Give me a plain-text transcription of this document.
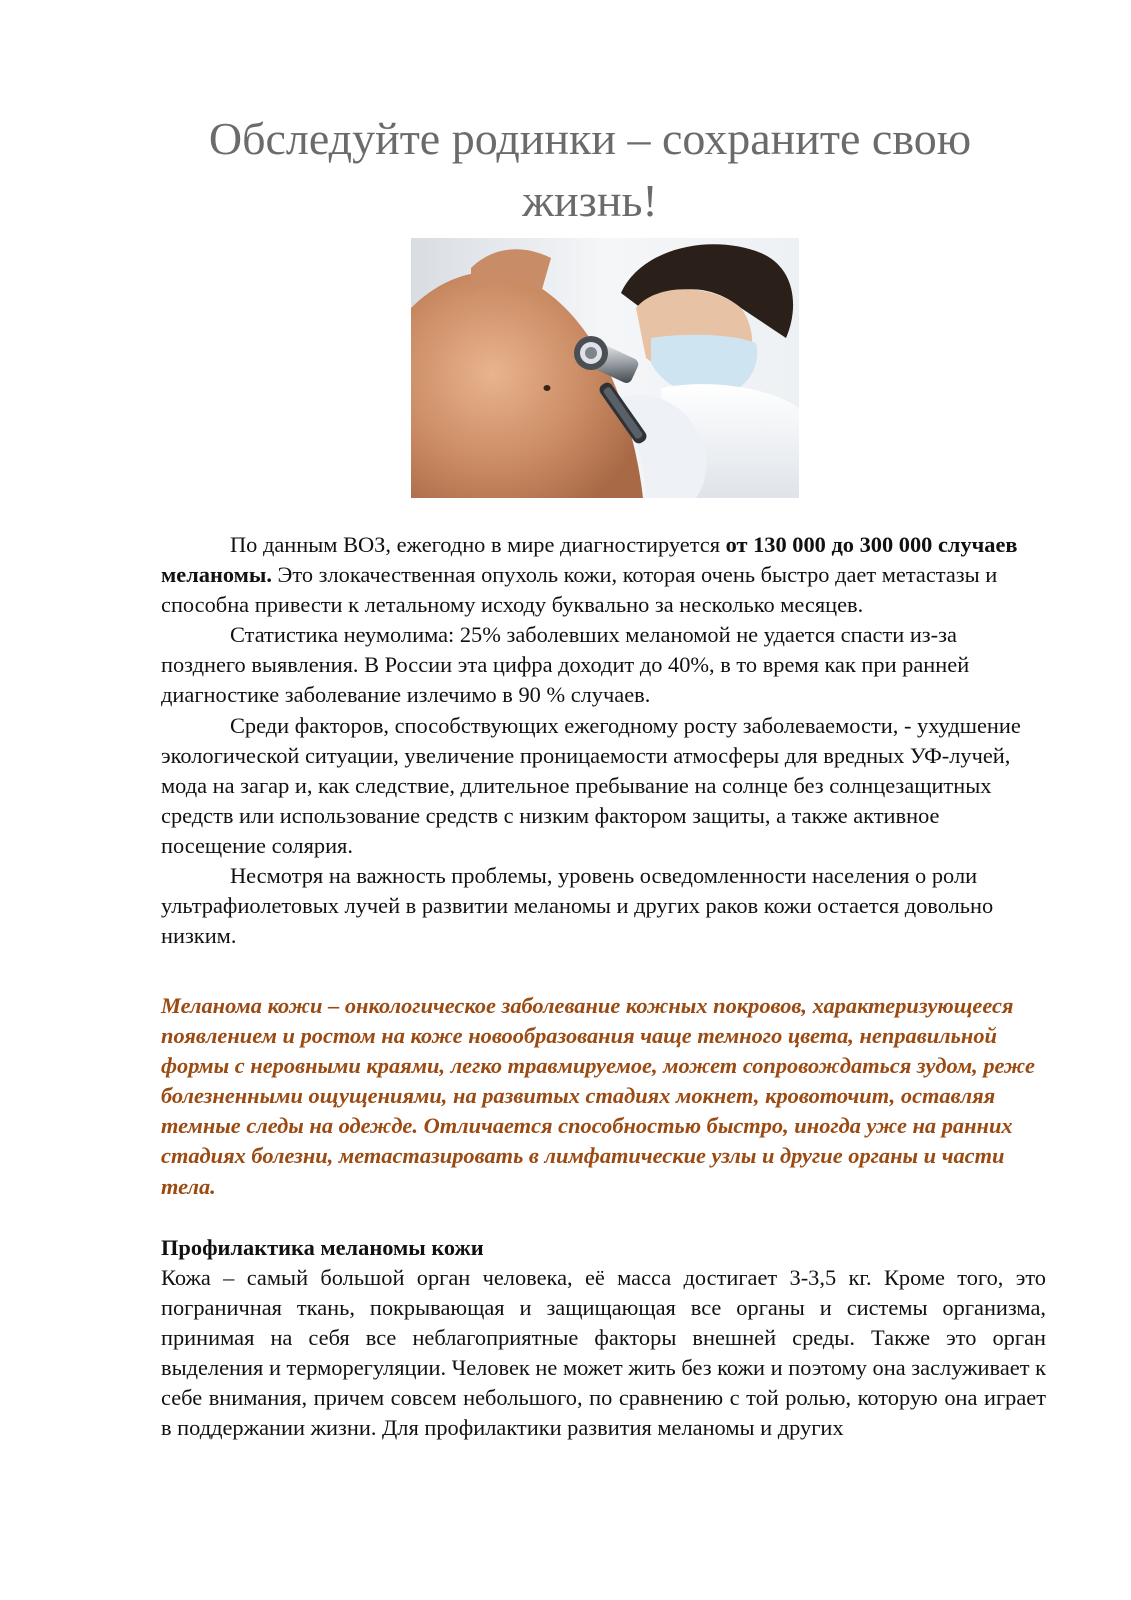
Обследуйте родинки – сохраните свою жизнь!

По данным ВОЗ, ежегодно в мире диагностируется от 130 000 до 300 000 случаев меланомы. Это злокачественная опухоль кожи, которая очень быстро дает метастазы и способна привести к летальному исходу буквально за несколько месяцев.

Статистика неумолима: 25% заболевших меланомой не удается спасти из-за позднего выявления. В России эта цифра доходит до 40%, в то время как при ранней диагностике заболевание излечимо в 90 % случаев.

Среди факторов, способствующих ежегодному росту заболеваемости, - ухудшение экологической ситуации, увеличение проницаемости атмосферы для вредных УФ-лучей, мода на загар и, как следствие, длительное пребывание на солнце без солнцезащитных средств или использование средств с низким фактором защиты, а также активное посещение солярия.

Несмотря на важность проблемы, уровень осведомленности населения о роли ультрафиолетовых лучей в развитии меланомы и других раков кожи остается довольно низким.

Меланома кожи – онкологическое заболевание кожных покровов, характеризующееся появлением и ростом на коже новообразования чаще темного цвета, неправильной формы с неровными краями, легко травмируемое, может сопровождаться зудом, реже болезненными ощущениями, на развитых стадиях мокнет, кровоточит, оставляя темные следы на одежде. Отличается способностью быстро, иногда уже на ранних стадиях болезни, метастазировать в лимфатические узлы и другие органы и части тела.

Профилактика меланомы кожи

Кожа – самый большой орган человека, её масса достигает 3-3,5 кг. Кроме того, это пограничная ткань, покрывающая и защищающая все органы и системы организма, принимая на себя все неблагоприятные факторы внешней среды. Также это орган выделения и терморегуляции. Человек не может жить без кожи и поэтому она заслуживает к себе внимания, причем совсем небольшого, по сравнению с той ролью, которую она играет в поддержании жизни. Для профилактики развития меланомы и других
